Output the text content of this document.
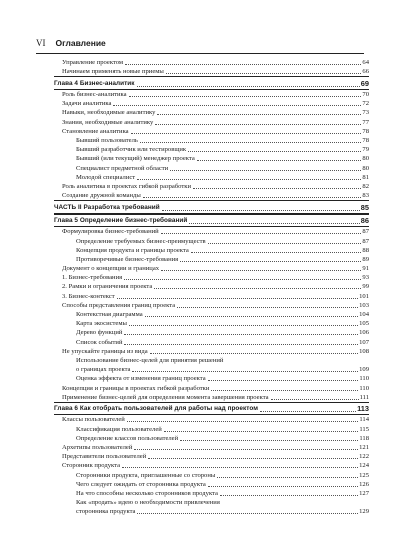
VI Оглавление
Управление проектом	64
Начинаем применять новые приемы	66
Глава 4 Бизнес-аналитик	69
Роль бизнес-аналитика	70
Задачи аналитика	72
Навыки, необходимые аналитику	73
Знания, необходимые аналитику	77
Становление аналитика	78
Бывший пользователь	78
Бывший разработчик или тестировщик	79
Бывший (или текущий) менеджер проекта	80
Специалист предметной области	80
Молодой специалист	81
Роль аналитика в проектах гибкой разработки	82
Создание дружной команды	83
ЧАСТЬ II Разработка требований	85
Глава 5 Определение бизнес-требований	86
Формулировка бизнес-требований	87
Определение требуемых бизнес-преимуществ	87
Концепция продукта и границы проекта	88
Противоречивые бизнес-требования	89
Документ о концепции и границах	91
1. Бизнес-требования	93
2. Рамки и ограничения проекта	99
3. Бизнес-контекст	101
Способы представления границ проекта	103
Контекстная диаграмма	104
Карта экосистемы	105
Дерево функций	106
Список событий	107
Не упускайте границы из вида	108
Использование бизнес-целей для принятия решений
о границах проекта	109
Оценка эффекта от изменения границ проекта	110
Концепция и границы в проектах гибкой разработки	110
Применение бизнес-целей для определения момента завершения проекта	111
Глава 6 Как отобрать пользователей для работы над проектом	113
Классы пользователей	114
Классификация пользователей	115
Определение классов пользователей	118
Архетипы пользователей	121
Представители пользователей	122
Сторонник продукта	124
Сторонники продукта, приглашенные со стороны	125
Чего следует ожидать от сторонника продукта	126
На что способны несколько сторонников продукта	127
Как «продать» идею о необходимости привлечения
сторонника продукта	129
